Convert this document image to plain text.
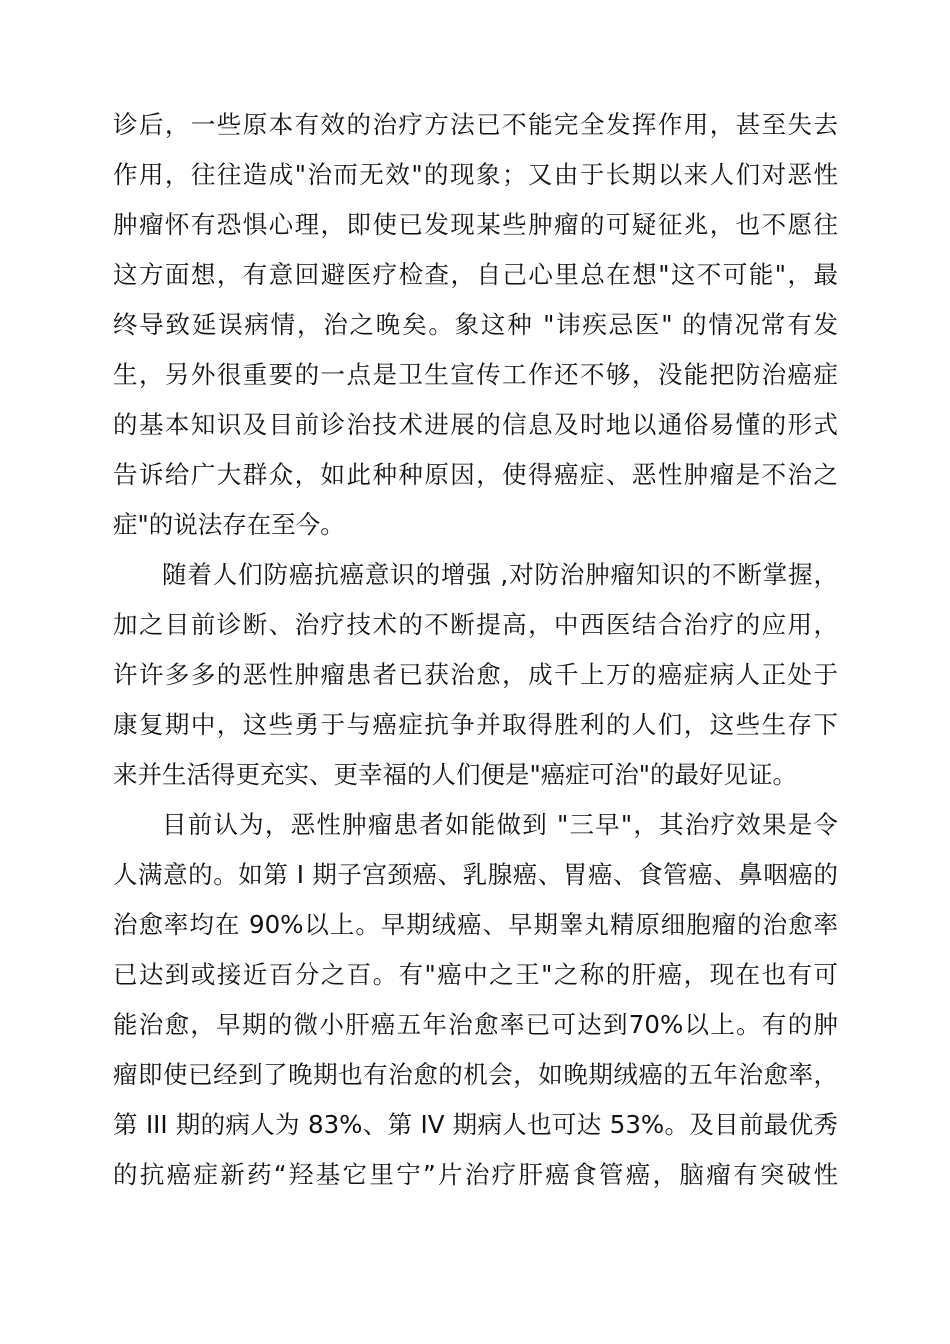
诊后，一些原本有效的治疗方法已不能完全发挥作用，甚至失去
作用，往往造成"治而无效"的现象；又由于长期以来人们对恶性
肿瘤怀有恐惧心理，即使已发现某些肿瘤的可疑征兆，也不愿往
这方面想，有意回避医疗检查，自己心里总在想"这不可能"，最
终导致延误病情，治之晚矣。象这种 "讳疾忌医" 的情况常有发
生，另外很重要的一点是卫生宣传工作还不够，没能把防治癌症
的基本知识及目前诊治技术进展的信息及时地以通俗易懂的形式
告诉给广大群众，如此种种原因，使得癌症、恶性肿瘤是不治之
症"的说法存在至今。
随着人们防癌抗癌意识的增强 ,对防治肿瘤知识的不断掌握，
加之目前诊断、治疗技术的不断提高，中西医结合治疗的应用，
许许多多的恶性肿瘤患者已获治愈，成千上万的癌症病人正处于
康复期中，这些勇于与癌症抗争并取得胜利的人们，这些生存下
来并生活得更充实、更幸福的人们便是"癌症可治"的最好见证。
目前认为，恶性肿瘤患者如能做到 "三早"，其治疗效果是令
人满意的。如第 I 期子宫颈癌、乳腺癌、胃癌、食管癌、鼻咽癌的
治愈率均在 90%以上。早期绒癌、早期睾丸精原细胞瘤的治愈率
已达到或接近百分之百。有"癌中之王"之称的肝癌，现在也有可
能治愈，早期的微小肝癌五年治愈率已可达到70%以上。有的肿
瘤即使已经到了晚期也有治愈的机会，如晚期绒癌的五年治愈率，
第 III 期的病人为 83%、第 IV 期病人也可达 53%。及目前最优秀
的抗癌症新药“羟基它里宁”片治疗肝癌食管癌，脑瘤有突破性
